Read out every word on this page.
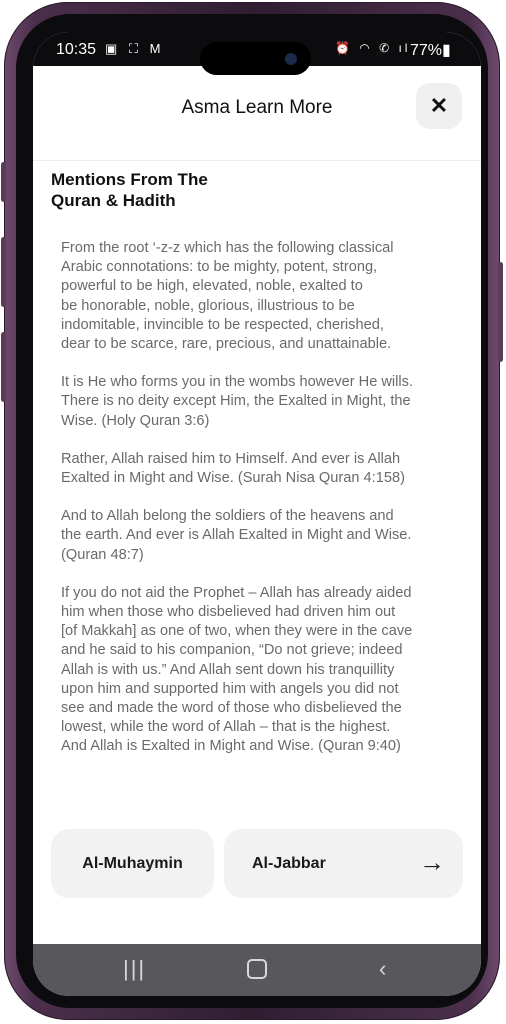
10:35 ▣ ⛶ M	⏰ ◠ ✆ ıl 77%▮
Asma Learn More	✕
Mentions From The
Quran & Hadith

From the root ‘-z-z which has the following classical
Arabic connotations: to be mighty, potent, strong,
powerful to be high, elevated, noble, exalted to
be honorable, noble, glorious, illustrious to be
indomitable, invincible to be respected, cherished,
dear to be scarce, rare, precious, and unattainable.

It is He who forms you in the wombs however He wills.
There is no deity except Him, the Exalted in Might, the
Wise. (Holy Quran 3:6)

Rather, Allah raised him to Himself. And ever is Allah
Exalted in Might and Wise. (Surah Nisa Quran 4:158)

And to Allah belong the soldiers of the heavens and
the earth. And ever is Allah Exalted in Might and Wise.
(Quran 48:7)

If you do not aid the Prophet – Allah has already aided
him when those who disbelieved had driven him out
[of Makkah] as one of two, when they were in the cave
and he said to his companion, “Do not grieve; indeed
Allah is with us.” And Allah sent down his tranquillity
upon him and supported him with angels you did not
see and made the word of those who disbelieved the
lowest, while the word of Allah – that is the highest.
And Allah is Exalted in Might and Wise. (Quran 9:40)

Al-Muhaymin	Al-Jabbar	→
|||	‹
